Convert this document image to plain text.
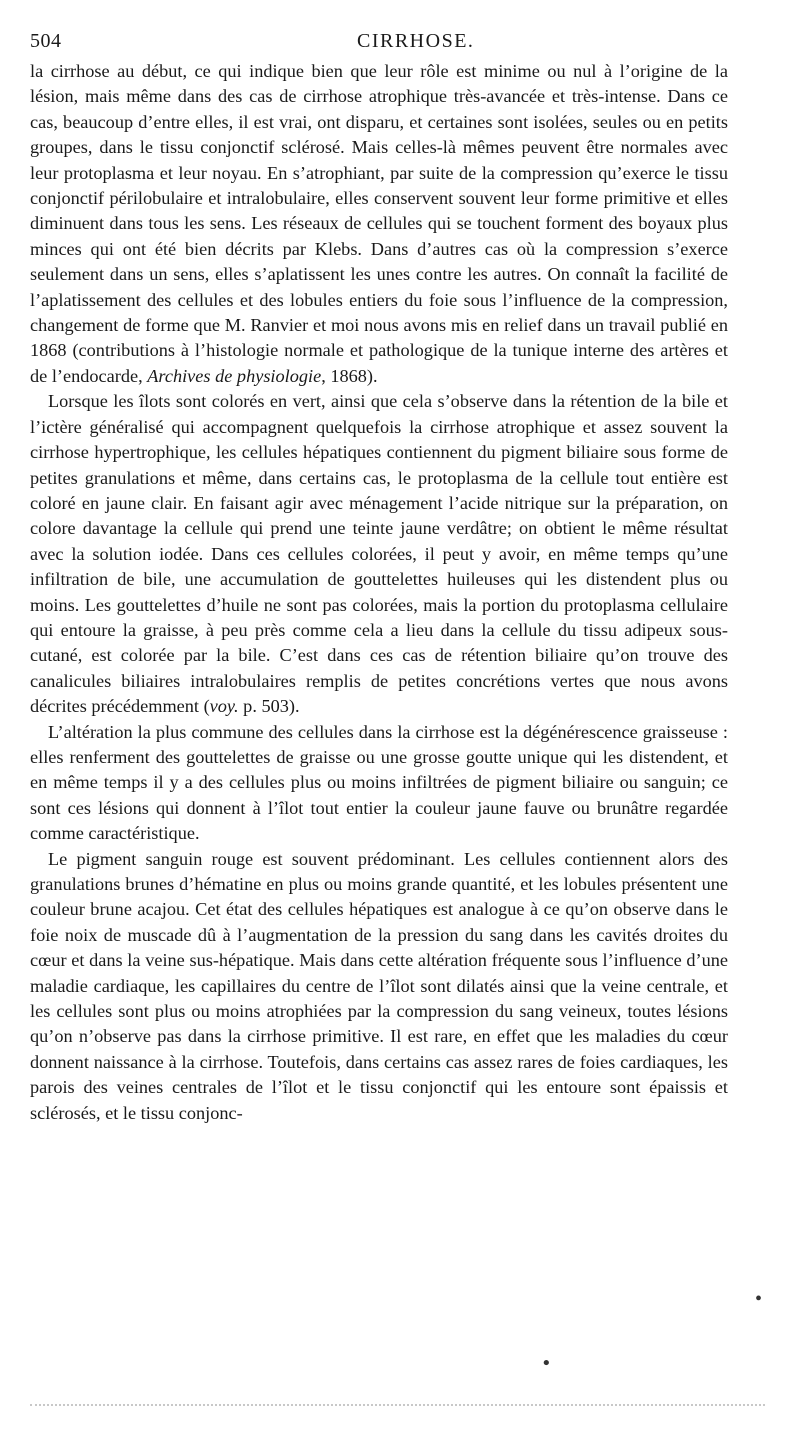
504	CIRRHOSE.

la cirrhose au début, ce qui indique bien que leur rôle est minime ou nul à l’origine de la lésion, mais même dans des cas de cirrhose atrophique très-avancée et très-intense. Dans ce cas, beaucoup d’entre elles, il est vrai, ont disparu, et certaines sont isolées, seules ou en petits groupes, dans le tissu conjonctif sclérosé. Mais celles-là mêmes peuvent être normales avec leur protoplasma et leur noyau. En s’atrophiant, par suite de la compression qu’exerce le tissu conjonctif périlobulaire et intralobulaire, elles conservent souvent leur forme primitive et elles diminuent dans tous les sens. Les réseaux de cellules qui se touchent forment des boyaux plus minces qui ont été bien décrits par Klebs. Dans d’autres cas où la compression s’exerce seulement dans un sens, elles s’aplatissent les unes contre les autres. On connaît la facilité de l’aplatissement des cellules et des lobules entiers du foie sous l’influence de la compression, changement de forme que M. Ranvier et moi nous avons mis en relief dans un travail publié en 1868 (contributions à l’histologie normale et pathologique de la tunique interne des artères et de l’endocarde, Archives de physiologie, 1868).

Lorsque les îlots sont colorés en vert, ainsi que cela s’observe dans la rétention de la bile et l’ictère généralisé qui accompagnent quelquefois la cirrhose atrophique et assez souvent la cirrhose hypertrophique, les cellules hépatiques contiennent du pigment biliaire sous forme de petites granulations et même, dans certains cas, le protoplasma de la cellule tout entière est coloré en jaune clair. En faisant agir avec ménagement l’acide nitrique sur la préparation, on colore davantage la cellule qui prend une teinte jaune verdâtre; on obtient le même résultat avec la solution iodée. Dans ces cellules colorées, il peut y avoir, en même temps qu’une infiltration de bile, une accumulation de gouttelettes huileuses qui les distendent plus ou moins. Les gouttelettes d’huile ne sont pas colorées, mais la portion du protoplasma cellulaire qui entoure la graisse, à peu près comme cela a lieu dans la cellule du tissu adipeux sous-cutané, est colorée par la bile. C’est dans ces cas de rétention biliaire qu’on trouve des canalicules biliaires intralobulaires remplis de petites concrétions vertes que nous avons décrites précédemment (voy. p. 503).

L’altération la plus commune des cellules dans la cirrhose est la dégénérescence graisseuse : elles renferment des gouttelettes de graisse ou une grosse goutte unique qui les distendent, et en même temps il y a des cellules plus ou moins infiltrées de pigment biliaire ou sanguin; ce sont ces lésions qui donnent à l’îlot tout entier la couleur jaune fauve ou brunâtre regardée comme caractéristique.

Le pigment sanguin rouge est souvent prédominant. Les cellules contiennent alors des granulations brunes d’hématine en plus ou moins grande quantité, et les lobules présentent une couleur brune acajou. Cet état des cellules hépatiques est analogue à ce qu’on observe dans le foie noix de muscade dû à l’augmentation de la pression du sang dans les cavités droites du cœur et dans la veine sus-hépatique. Mais dans cette altération fréquente sous l’influence d’une maladie cardiaque, les capillaires du centre de l’îlot sont dilatés ainsi que la veine centrale, et les cellules sont plus ou moins atrophiées par la compression du sang veineux, toutes lésions qu’on n’observe pas dans la cirrhose primitive. Il est rare, en effet que les maladies du cœur donnent naissance à la cirrhose. Toutefois, dans certains cas assez rares de foies cardiaques, les parois des veines centrales de l’îlot et le tissu conjonctif qui les entoure sont épaissis et sclérosés, et le tissu conjonc-

•
•
